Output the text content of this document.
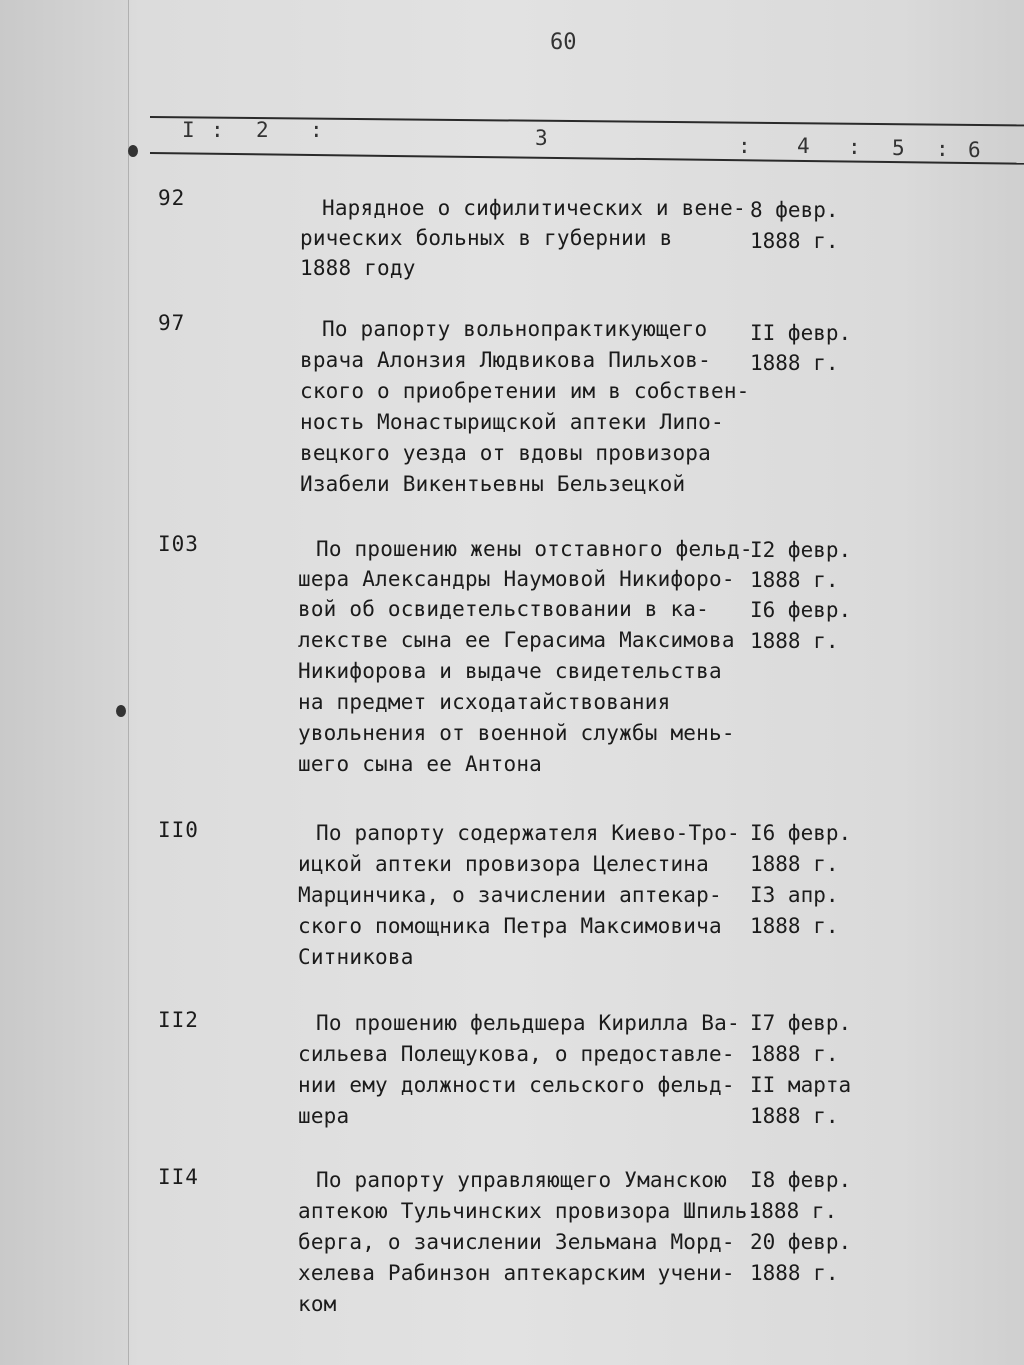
60
I : 2 :	3	: 4 : 5 : 6
92	Нарядное о сифилитических и вене-
рических больных в губернии в
1888 году
8 февр.
1888 г.
97	По рапорту вольнопрактикующего
врача Алонзия Людвикова Пильхов-
ского о приобретении им в собствен-
ность Монастырищской аптеки Липо-
вецкого уезда от вдовы провизора
Изабели Викентьевны Бельзецкой
II февр.
1888 г.
I03	По прошению жены отставного фельд-
шера Александры Наумовой Никифоро-
вой об освидетельствовании в ка-
лекстве сына ее Герасима Максимова
Никифорова и выдаче свидетельства
на предмет исходатайствования
увольнения от военной службы мень-
шего сына ее Антона
I2 февр.
1888 г.
I6 февр.
1888 г.
II0	По рапорту содержателя Киево-Тро-
ицкой аптеки провизора Целестина
Марцинчика, о зачислении аптекар-
ского помощника Петра Максимовича
Ситникова
I6 февр.
1888 г.
I3 апр.
1888 г.
II2	По прошению фельдшера Кирилла Ва-
сильева Полещукова, о предоставле-
нии ему должности сельского фельд-
шера
I7 февр.
1888 г.
II марта
1888 г.
II4	По рапорту управляющего Уманскою
аптекою Тульчинских провизора Шпиль-
берга, о зачислении Зельмана Морд-
хелева Рабинзон аптекарским учени-
ком
I8 февр.
-1888 г.
20 февр.
1888 г.
